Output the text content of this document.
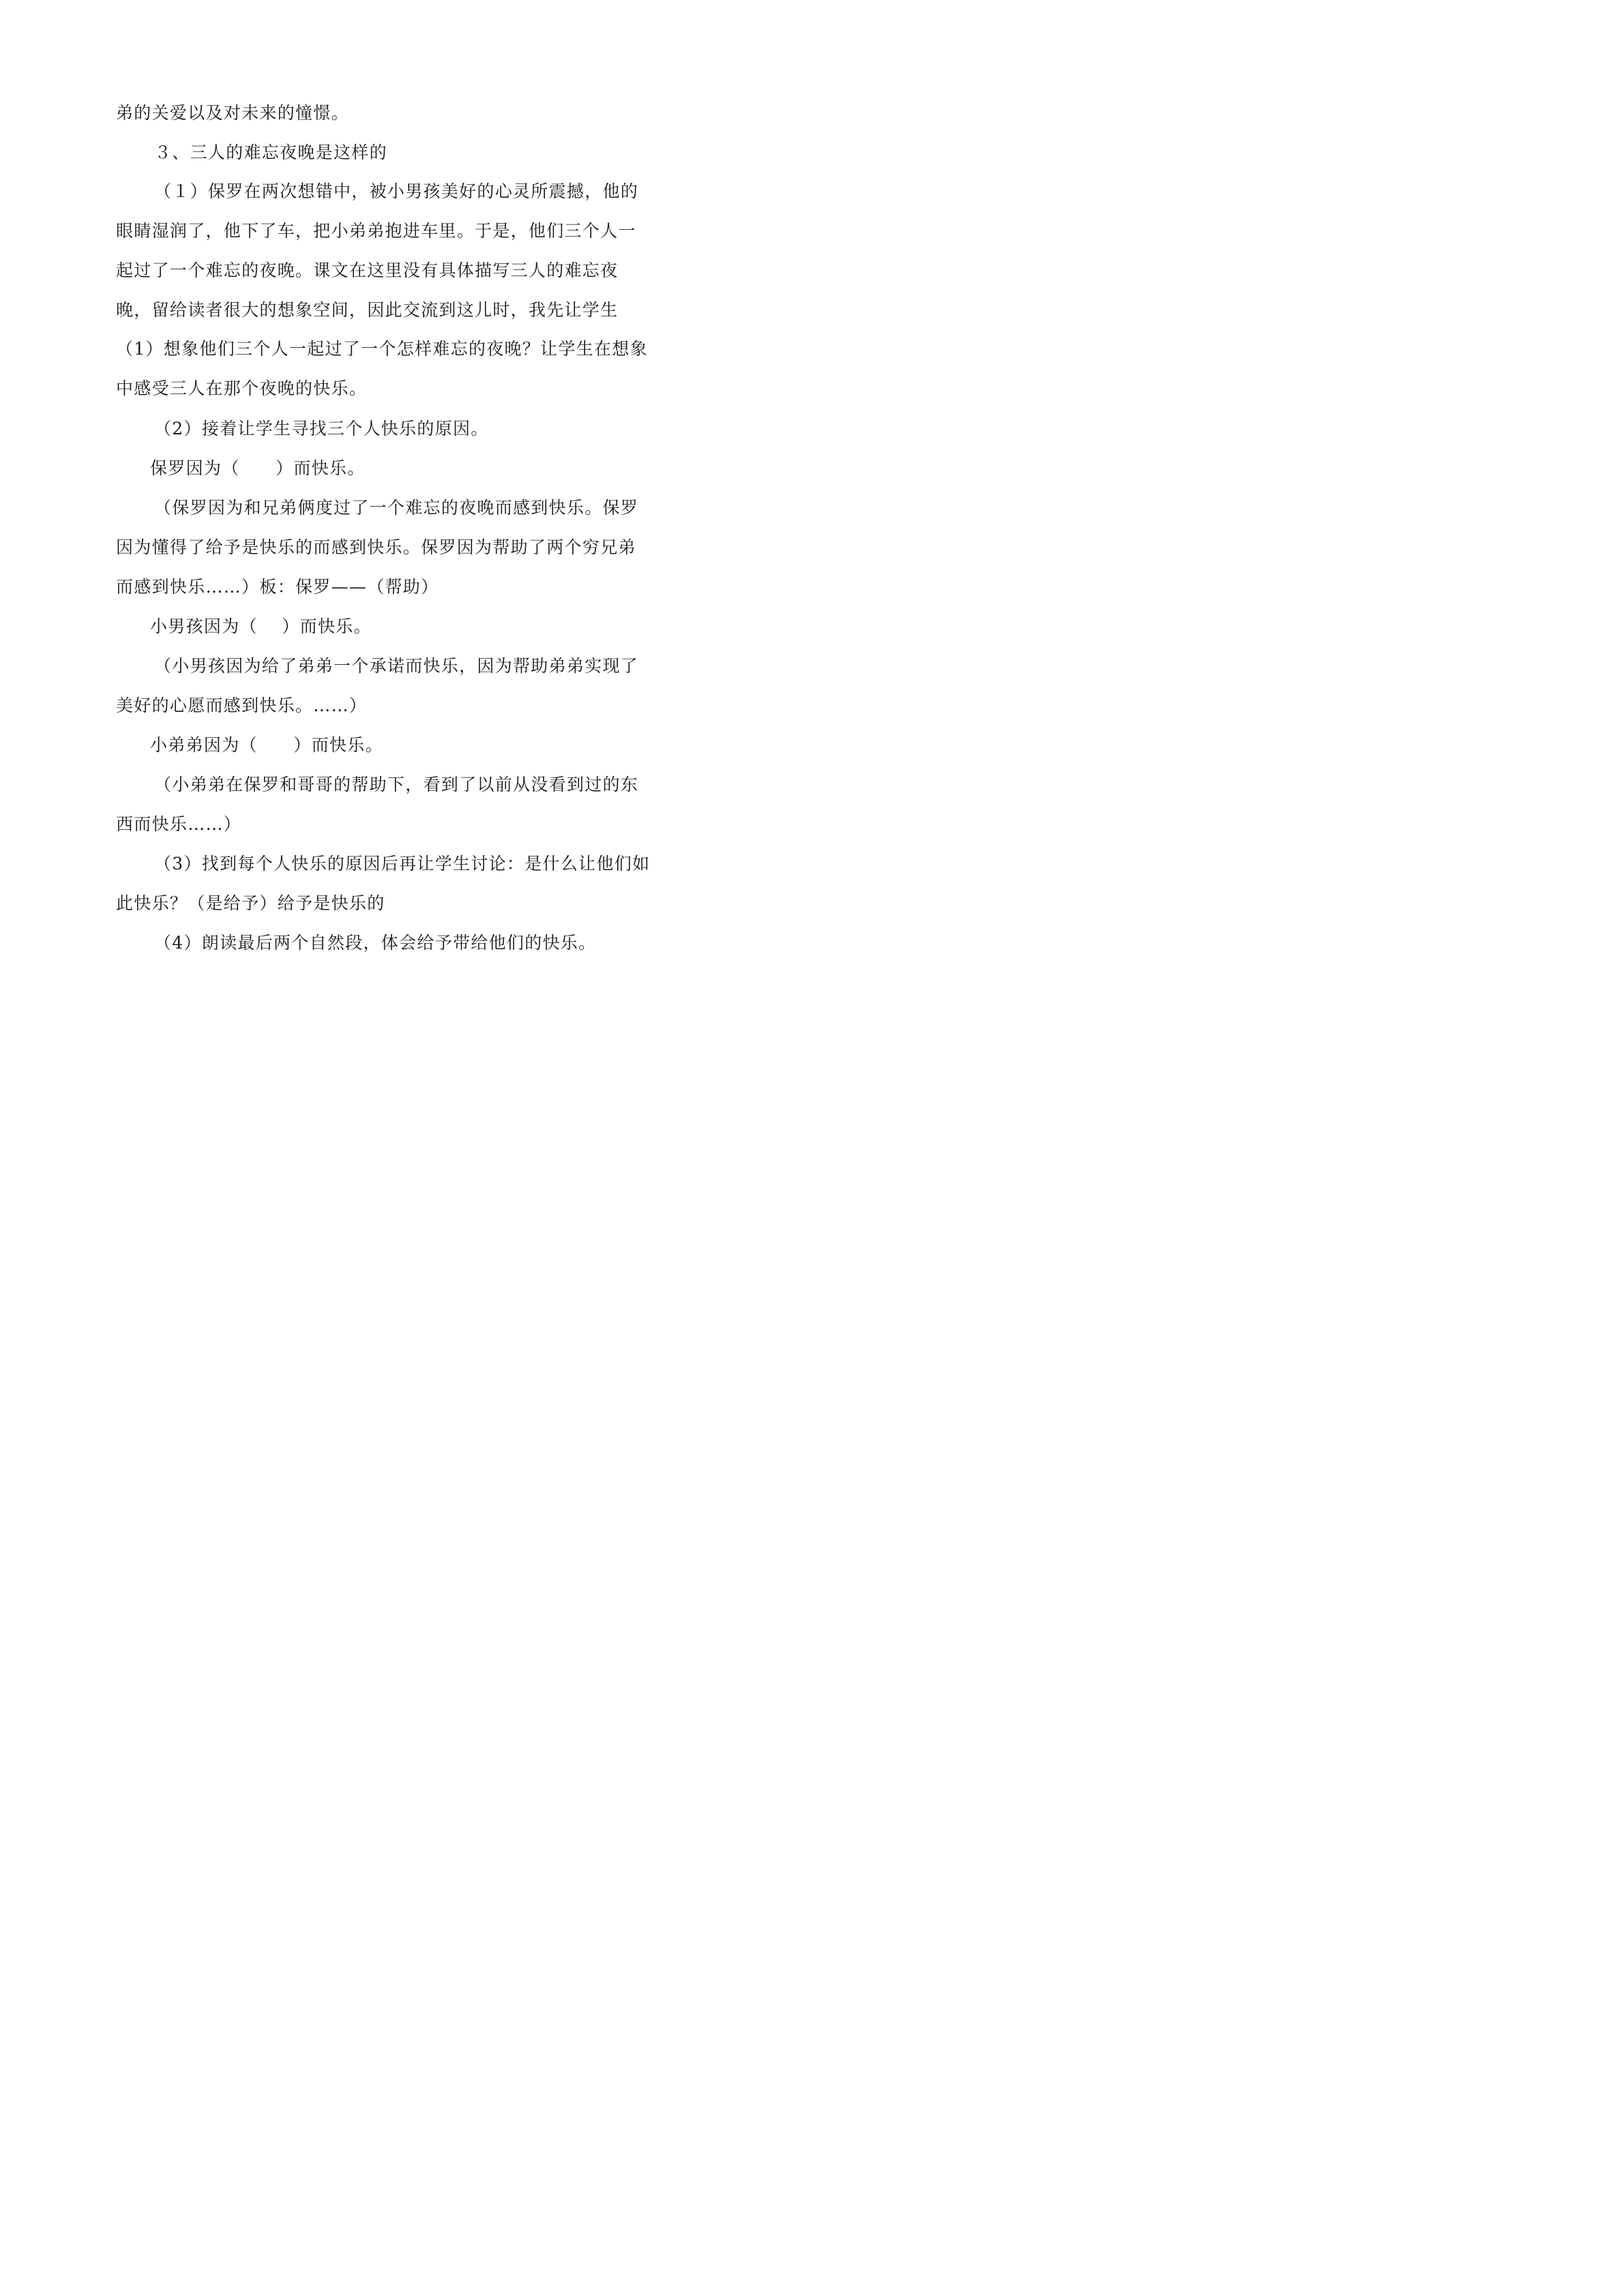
弟的关爱以及对未来的憧憬。
３、三人的难忘夜晚是这样的
（１）保罗在两次想错中，被小男孩美好的心灵所震撼，他的
眼睛湿润了，他下了车，把小弟弟抱进车里。于是，他们三个人一
起过了一个难忘的夜晚。课文在这里没有具体描写三人的难忘夜
晚，留给读者很大的想象空间，因此交流到这儿时，我先让学生
（1）想象他们三个人一起过了一个怎样难忘的夜晚？让学生在想象
中感受三人在那个夜晚的快乐。
（2）接着让学生寻找三个人快乐的原因。
保罗因为（　　）而快乐。
（保罗因为和兄弟俩度过了一个难忘的夜晚而感到快乐。保罗
因为懂得了给予是快乐的而感到快乐。保罗因为帮助了两个穷兄弟
而感到快乐……）板：保罗——（帮助）
小男孩因为（　 ）而快乐。
（小男孩因为给了弟弟一个承诺而快乐，因为帮助弟弟实现了
美好的心愿而感到快乐。……）
小弟弟因为（　　）而快乐。
（小弟弟在保罗和哥哥的帮助下，看到了以前从没看到过的东
西而快乐……）
（3）找到每个人快乐的原因后再让学生讨论：是什么让他们如
此快乐？（是给予）给予是快乐的
（4）朗读最后两个自然段，体会给予带给他们的快乐。
